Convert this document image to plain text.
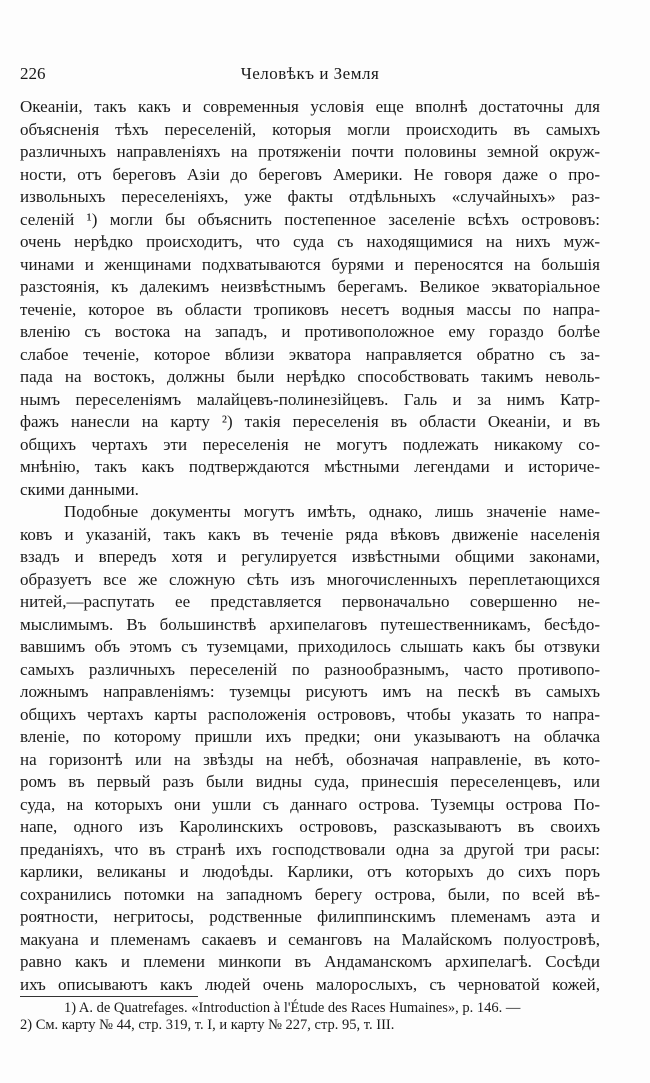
226	Человѣкъ и Земля
Океанiи, такъ какъ и современныя условiя еще вполнѣ достаточны для
объясненiя тѣхъ переселенiй, которыя могли происходить въ самыхъ
различныхъ направленiяхъ на протяженiи почти половины земной окруж-
ности, отъ береговъ Азiи до береговъ Америки. Не говоря даже о про-
извольныхъ переселенiяхъ, уже факты отдѣльныхъ «случайныхъ» раз-
селенiй ¹) могли бы объяснить постепенное заселенiе всѣхъ острововъ:
очень нерѣдко происходитъ, что суда съ находящимися на нихъ муж-
чинами и женщинами подхватываются бурями и переносятся на большiя
разстоянiя, къ далекимъ неизвѣстнымъ берегамъ. Великое экваторiальное
теченiе, которое въ области тропиковъ несетъ водныя массы по напра-
вленiю съ востока на западъ, и противоположное ему гораздо болѣе
слабое теченiе, которое вблизи экватора направляется обратно съ за-
пада на востокъ, должны были нерѣдко способствовать такимъ неволь-
нымъ переселенiямъ малайцевъ-полинезiйцевъ. Галь и за нимъ Катр-
фажъ нанесли на карту ²) такiя переселенiя въ области Океанiи, и въ
общихъ чертахъ эти переселенiя не могутъ подлежать никакому со-
мнѣнiю, такъ какъ подтверждаются мѣстными легендами и историче-
скими данными.
Подобные документы могутъ имѣть, однако, лишь значенiе наме-
ковъ и указанiй, такъ какъ въ теченiе ряда вѣковъ движенiе населенiя
взадъ и впередъ хотя и регулируется извѣстными общими законами,
образуетъ все же сложную сѣть изъ многочисленныхъ переплетающихся
нитей,—распутать ее представляется первоначально совершенно не-
мыслимымъ. Въ большинствѣ архипелаговъ путешественникамъ, бесѣдо-
вавшимъ объ этомъ съ туземцами, приходилось слышать какъ бы отзвуки
самыхъ различныхъ переселенiй по разнообразнымъ, часто противопо-
ложнымъ направленiямъ: туземцы рисуютъ имъ на пескѣ въ самыхъ
общихъ чертахъ карты расположенiя острововъ, чтобы указать то напра-
вленiе, по которому пришли ихъ предки; они указываютъ на облачка
на горизонтѣ или на звѣзды на небѣ, обозначая направленiе, въ кото-
ромъ въ первый разъ были видны суда, принесшiя переселенцевъ, или
суда, на которыхъ они ушли съ даннаго острова. Туземцы острова По-
напе, одного изъ Каролинскихъ острововъ, разсказываютъ въ своихъ
преданiяхъ, что въ странѣ ихъ господствовали одна за другой три расы:
карлики, великаны и людоѣды. Карлики, отъ которыхъ до сихъ поръ
сохранились потомки на западномъ берегу острова, были, по всей вѣ-
роятности, негритосы, родственные филиппинскимъ племенамъ аэта и
макуана и племенамъ сакаевъ и семанговъ на Малайскомъ полуостровѣ,
равно какъ и племени минкопи въ Андаманскомъ архипелагѣ. Сосѣди
ихъ описываютъ какъ людей очень малорослыхъ, съ черноватой кожей,
1) A. de Quatrefages. «Introduction à l'Étude des Races Humaines», p. 146. —
2) См. карту № 44, стр. 319, т. I, и карту № 227, стр. 95, т. III.
